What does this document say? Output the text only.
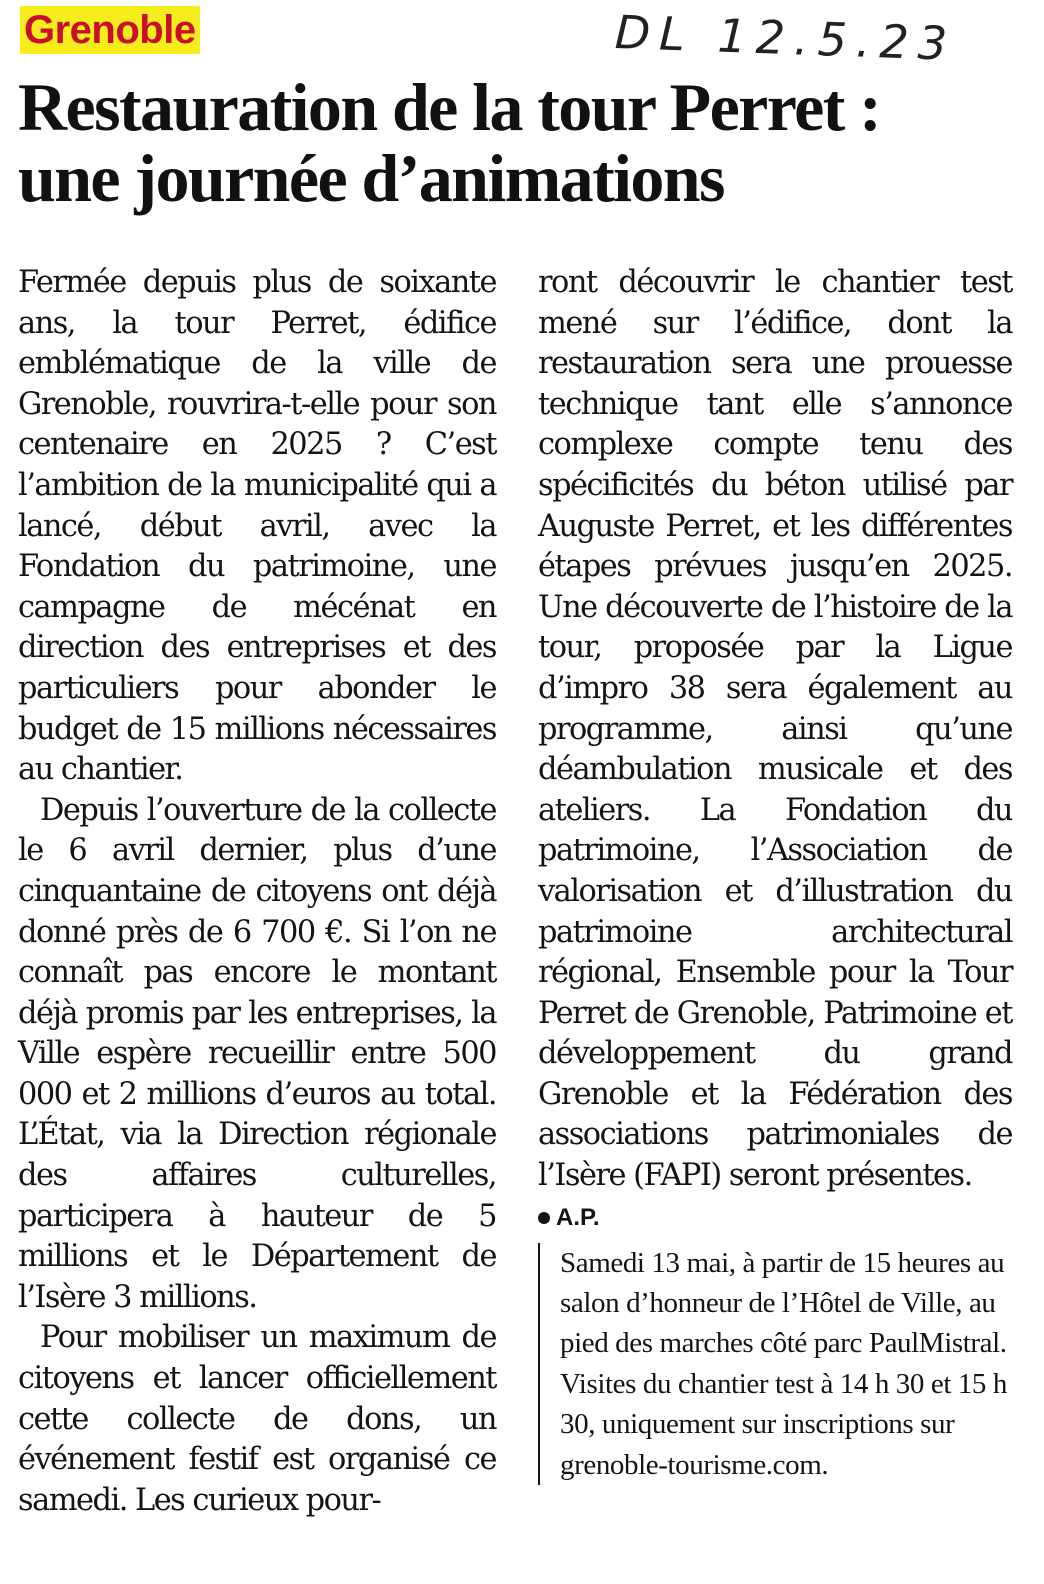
Grenoble	DL 12.5.23
Restauration de la tour Perret :
une journée d’animations

Fermée depuis plus de soixante ans, la tour Perret, édifice emblématique de la ville de Grenoble, rouvrira-t-elle pour son centenaire en 2025 ? C’est l’ambition de la municipalité qui a lancé, début avril, avec la Fondation du patrimoine, une campagne de mécénat en direction des entreprises et des particuliers pour abonder le budget de 15 millions nécessaires au chantier.

Depuis l’ouverture de la collecte le 6 avril dernier, plus d’une cinquantaine de citoyens ont déjà donné près de 6 700 €. Si l’on ne connaît pas encore le montant déjà promis par les entreprises, la Ville espère recueillir entre 500 000 et 2 millions d’euros au total. L’État, via la Direction régionale des affaires culturelles, participera à hauteur de 5 millions et le Département de l’Isère 3 millions.

Pour mobiliser un maximum de citoyens et lancer officiellement cette collecte de dons, un événement festif est organisé ce samedi. Les curieux pour-

ront découvrir le chantier test mené sur l’édifice, dont la restauration sera une prouesse technique tant elle s’annonce complexe compte tenu des spécificités du béton utilisé par Auguste Perret, et les différentes étapes prévues jusqu’en 2025. Une découverte de l’histoire de la tour, proposée par la Ligue d’impro 38 sera également au programme, ainsi qu’une déambulation musicale et des ateliers. La Fondation du patrimoine, l’Association de valorisation et d’illustration du patrimoine architectural régional, Ensemble pour la Tour Perret de Grenoble, Patrimoine et développement du grand Grenoble et la Fédération des associations patrimoniales de l’Isère (FAPI) seront présentes.

A.P.
Samedi 13 mai, à partir de 15 heures au salon d’honneur de l’Hôtel de Ville, au pied des marches côté parc PaulMistral. Visites du chantier test à 14 h 30 et 15 h 30, uniquement sur inscriptions sur grenoble-tourisme.com.
